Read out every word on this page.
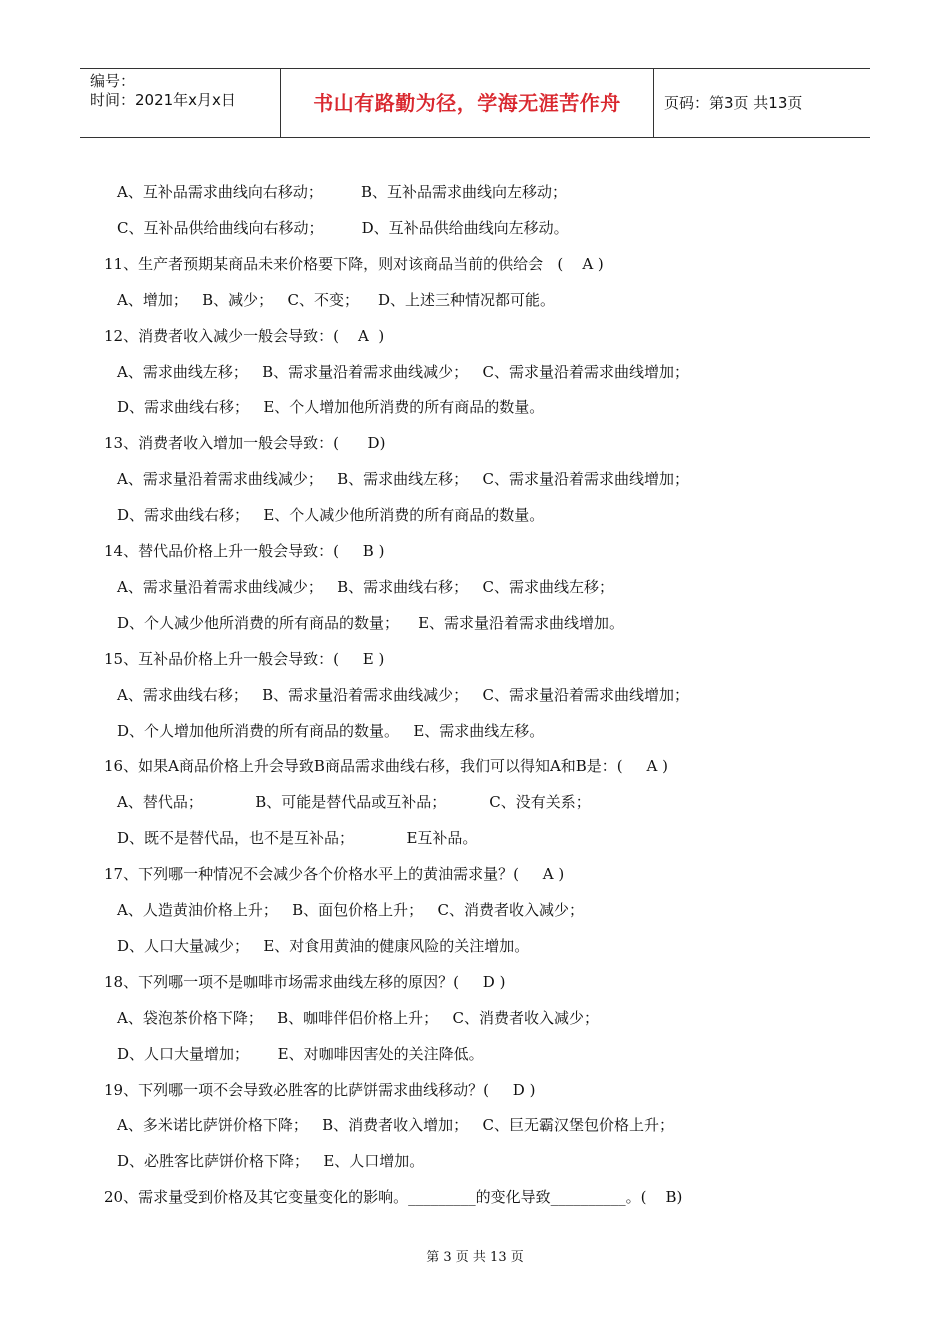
编号：
时间：2021年x月x日	书山有路勤为径，学海无涯苦作舟	页码：第3页 共13页
A、互补品需求曲线向右移动；        B、互补品需求曲线向左移动；
C、互补品供给曲线向右移动；        D、互补品供给曲线向左移动。
11、生产者预期某商品未来价格要下降，则对该商品当前的供给会   (    A )
A、增加；   B、减少；   C、不变；    D、上述三种情况都可能。
12、消费者收入减少一般会导致：(    A  )
A、需求曲线左移；   B、需求量沿着需求曲线减少；   C、需求量沿着需求曲线增加；
D、需求曲线右移；   E、个人增加他所消费的所有商品的数量。
13、消费者收入增加一般会导致：(      D)
A、需求量沿着需求曲线减少；   B、需求曲线左移；   C、需求量沿着需求曲线增加；
D、需求曲线右移；   E、个人减少他所消费的所有商品的数量。
14、替代品价格上升一般会导致：(     B )
A、需求量沿着需求曲线减少；   B、需求曲线右移；   C、需求曲线左移；
D、个人减少他所消费的所有商品的数量；    E、需求量沿着需求曲线增加。
15、互补品价格上升一般会导致：(     E )
A、需求曲线右移；   B、需求量沿着需求曲线减少；   C、需求量沿着需求曲线增加；
D、个人增加他所消费的所有商品的数量。   E、需求曲线左移。
16、如果A商品价格上升会导致B商品需求曲线右移，我们可以得知A和B是：(     A )
A、替代品；           B、可能是替代品或互补品；         C、没有关系；
D、既不是替代品，也不是互补品；           E互补品。
17、下列哪一种情况不会减少各个价格水平上的黄油需求量？(     A )
A、人造黄油价格上升；   B、面包价格上升；   C、消费者收入减少；
D、人口大量减少；   E、对食用黄油的健康风险的关注增加。
18、下列哪一项不是咖啡市场需求曲线左移的原因？(     D )
A、袋泡茶价格下降；   B、咖啡伴侣价格上升；   C、消费者收入减少；
D、人口大量增加；      E、对咖啡因害处的关注降低。
19、下列哪一项不会导致必胜客的比萨饼需求曲线移动？(     D )
A、多米诺比萨饼价格下降；   B、消费者收入增加；   C、巨无霸汉堡包价格上升；
D、必胜客比萨饼价格下降；   E、人口增加。
20、需求量受到价格及其它变量变化的影响。_________的变化导致__________。(    B)
第 3 页 共 13 页
